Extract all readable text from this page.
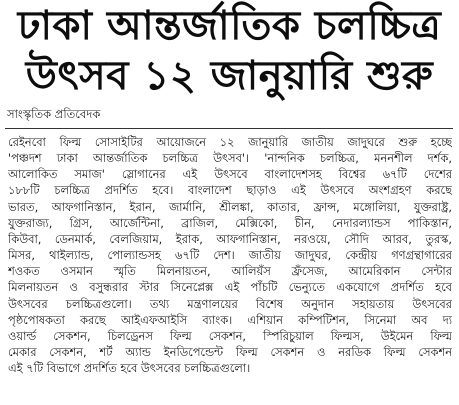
ঢাকা আন্তর্জাতিক চলচ্চিত্র
উৎসব ১২ জানুয়ারি শুরু
সাংস্কৃতিক প্রতিবেদক
রেইনবো ফিল্ম সোসাইটির আয়োজনে ১২ জানুয়ারি জাতীয় জাদুঘরে শুরু হচ্ছে
'পঞ্চদশ ঢাকা আন্তর্জাতিক চলচ্চিত্র উৎসব'। 'নান্দনিক চলচ্চিত্র, মননশীল দর্শক,
আলোকিত সমাজ' স্লোগানের এই উৎসবে বাংলাদেশসহ বিশ্বের ৬৭টি দেশের
১৮৮টি চলচ্চিত্র প্রদর্শিত হবে। বাংলাদেশ ছাড়াও এই উৎসবে অংশগ্রহণ করছে
ভারত, আফগানিস্তান, ইরান, জার্মানি, শ্রীলঙ্কা, কাতার, ফ্রান্স, মঙ্গোলিয়া, যুক্তরাষ্ট্র,
যুক্তরাজ্য, গ্রিস, আর্জেন্টিনা, ব্রাজিল, মেক্সিকো, চীন, নেদারল্যান্ডস পাকিস্তান,
কিউবা, ডেনমার্ক, বেলজিয়াম, ইরাক, আফগানিস্তান, নরওয়ে, সৌদি আরব, তুরস্ক,
মিসর, থাইল্যান্ড, পোল্যান্ডসহ ৬৭টি দেশ। জাতীয় জাদুঘর, কেন্দ্রীয় গণগ্রন্থাগারের
শওকত ওসমান স্মৃতি মিলনায়তন, আলিয়ঁস ফ্রঁসেজ, আমেরিকান সেন্টার
মিলনায়তন ও বসুন্ধরার স্টার সিনেপ্লেক্স এই পাঁচটি ভেন্যুতে একযোগে প্রদর্শিত হবে
উৎসবের চলচ্চিত্রগুলো। তথ্য মন্ত্রণালয়ের বিশেষ অনুদান সহায়তায় উৎসবের
পৃষ্ঠপোষকতা করছে আইএফআইসি ব্যাংক। এশিয়ান কম্পিটিশন, সিনেমা অব দ্য
ওয়ার্ল্ড সেকশন, চিলড্রেনস ফিল্ম সেকশন, স্পিরিচুয়াল ফিল্মস, উইমেন ফিল্ম
মেকার সেকশন, শর্ট অ্যান্ড ইনডিপেন্ডেন্ট ফিল্ম সেকশন ও নরডিক ফিল্ম সেকশন
এই ৭টি বিভাগে প্রদর্শিত হবে উৎসবের চলচ্চিত্রগুলো।
